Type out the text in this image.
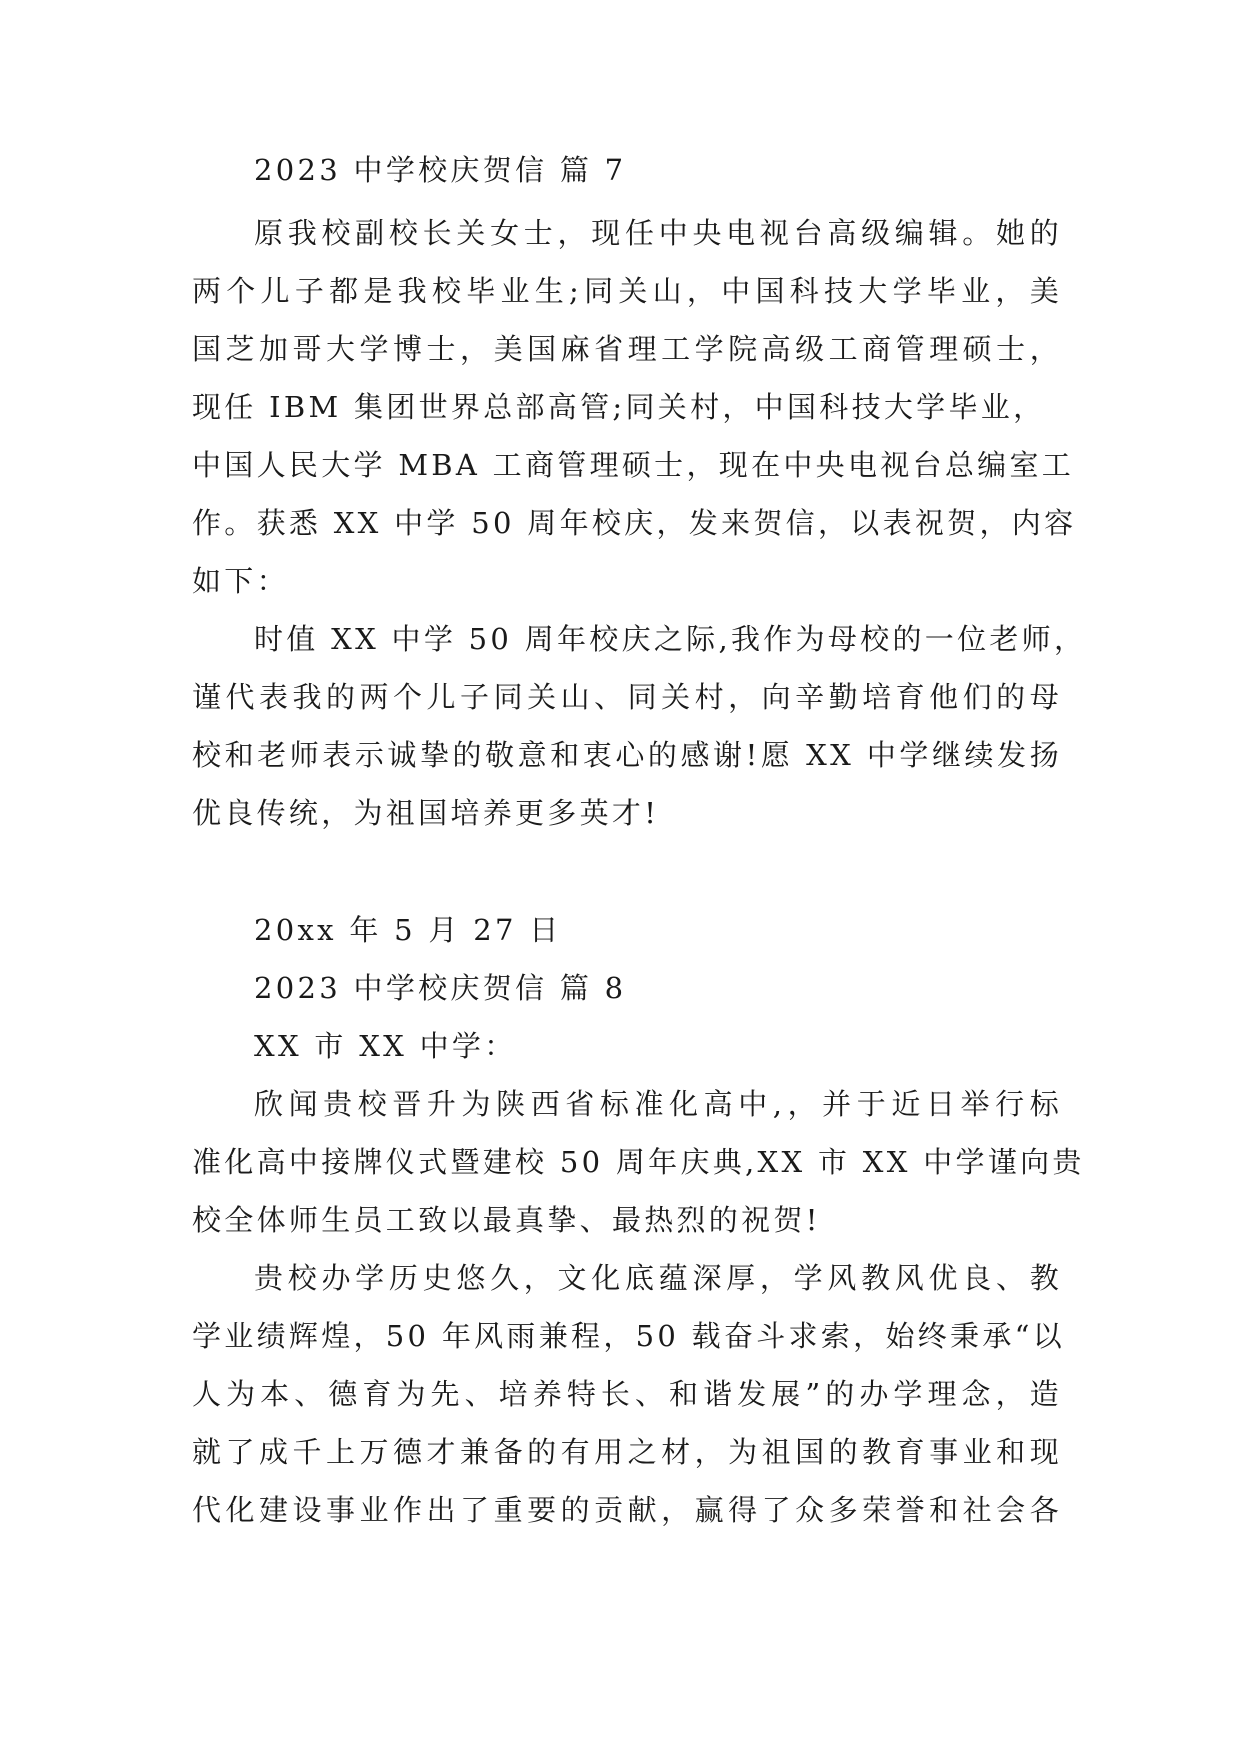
2023 中学校庆贺信 篇 7
原我校副校长关女士，现任中央电视台高级编辑。她的
两个儿子都是我校毕业生;同关山，中国科技大学毕业，美
国芝加哥大学博士，美国麻省理工学院高级工商管理硕士，
现任 IBM 集团世界总部高管;同关村，中国科技大学毕业，
中国人民大学 MBA 工商管理硕士，现在中央电视台总编室工
作。获悉 XX 中学 50 周年校庆，发来贺信，以表祝贺，内容
如下：
时值 XX 中学 50 周年校庆之际,我作为母校的一位老师，
谨代表我的两个儿子同关山、同关村，向辛勤培育他们的母
校和老师表示诚挚的敬意和衷心的感谢!愿 XX 中学继续发扬
优良传统，为祖国培养更多英才!
20xx 年 5 月 27 日
2023 中学校庆贺信 篇 8
XX 市 XX 中学：
欣闻贵校晋升为陕西省标准化高中,，并于近日举行标
准化高中接牌仪式暨建校 50 周年庆典,XX 市 XX 中学谨向贵
校全体师生员工致以最真挚、最热烈的祝贺!
贵校办学历史悠久，文化底蕴深厚，学风教风优良、教
学业绩辉煌，50 年风雨兼程，50 载奋斗求索，始终秉承“以
人为本、德育为先、培养特长、和谐发展”的办学理念，造
就了成千上万德才兼备的有用之材，为祖国的教育事业和现
代化建设事业作出了重要的贡献，赢得了众多荣誉和社会各
